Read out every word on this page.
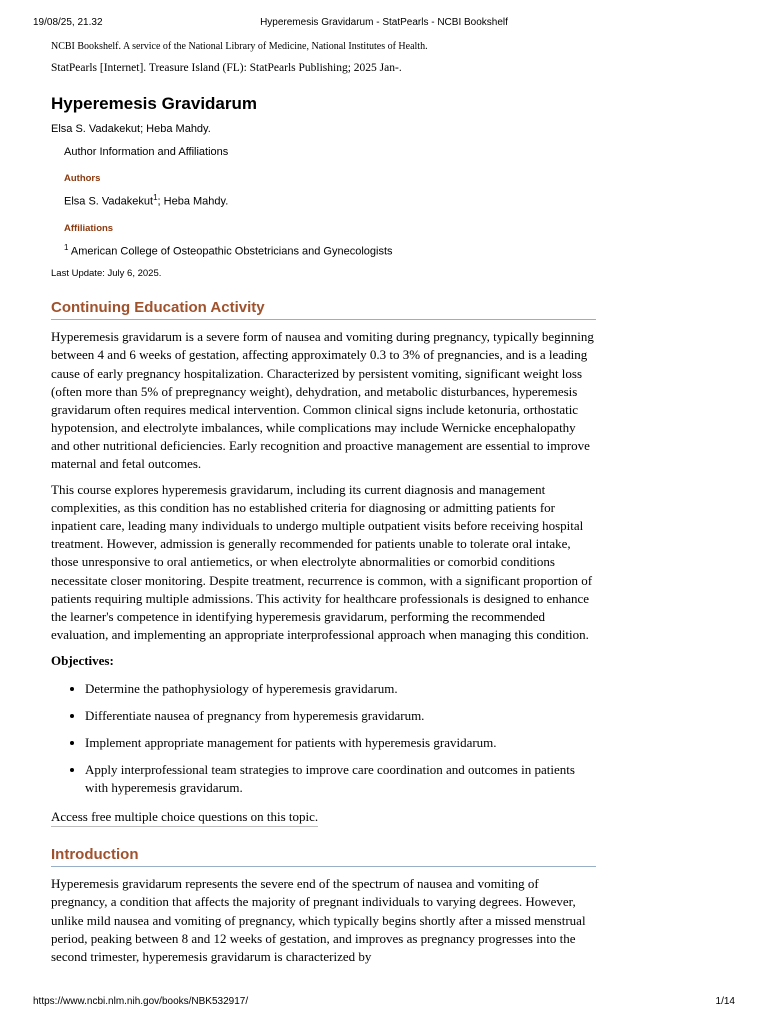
19/08/25, 21.32	Hyperemesis Gravidarum - StatPearls - NCBI Bookshelf

NCBI Bookshelf. A service of the National Library of Medicine, National Institutes of Health.

StatPearls [Internet]. Treasure Island (FL): StatPearls Publishing; 2025 Jan-.

Hyperemesis Gravidarum

Elsa S. Vadakekut; Heba Mahdy.

Author Information and Affiliations

Authors

Elsa S. Vadakekut$^1$; Heba Mahdy.

Affiliations

$^1$ American College of Osteopathic Obstetricians and Gynecologists

Last Update: July 6, 2025.

Continuing Education Activity

Hyperemesis gravidarum is a severe form of nausea and vomiting during pregnancy, typically beginning between 4 and 6 weeks of gestation, affecting approximately 0.3 to 3% of pregnancies, and is a leading cause of early pregnancy hospitalization. Characterized by persistent vomiting, significant weight loss (often more than 5% of prepregnancy weight), dehydration, and metabolic disturbances, hyperemesis gravidarum often requires medical intervention. Common clinical signs include ketonuria, orthostatic hypotension, and electrolyte imbalances, while complications may include Wernicke encephalopathy and other nutritional deficiencies. Early recognition and proactive management are essential to improve maternal and fetal outcomes.

This course explores hyperemesis gravidarum, including its current diagnosis and management complexities, as this condition has no established criteria for diagnosing or admitting patients for inpatient care, leading many individuals to undergo multiple outpatient visits before receiving hospital treatment. However, admission is generally recommended for patients unable to tolerate oral intake, those unresponsive to oral antiemetics, or when electrolyte abnormalities or comorbid conditions necessitate closer monitoring. Despite treatment, recurrence is common, with a significant proportion of patients requiring multiple admissions. This activity for healthcare professionals is designed to enhance the learner's competence in identifying hyperemesis gravidarum, performing the recommended evaluation, and implementing an appropriate interprofessional approach when managing this condition.

Objectives:

• Determine the pathophysiology of hyperemesis gravidarum.
• Differentiate nausea of pregnancy from hyperemesis gravidarum.
• Implement appropriate management for patients with hyperemesis gravidarum.
• Apply interprofessional team strategies to improve care coordination and outcomes in patients with hyperemesis gravidarum.
Access free multiple choice questions on this topic.
Introduction

Hyperemesis gravidarum represents the severe end of the spectrum of nausea and vomiting of pregnancy, a condition that affects the majority of pregnant individuals to varying degrees. However, unlike mild nausea and vomiting of pregnancy, which typically begins shortly after a missed menstrual period, peaking between 8 and 12 weeks of gestation, and improves as pregnancy progresses into the second trimester, hyperemesis gravidarum is characterized by

https://www.ncbi.nlm.nih.gov/books/NBK532917/	1/14
